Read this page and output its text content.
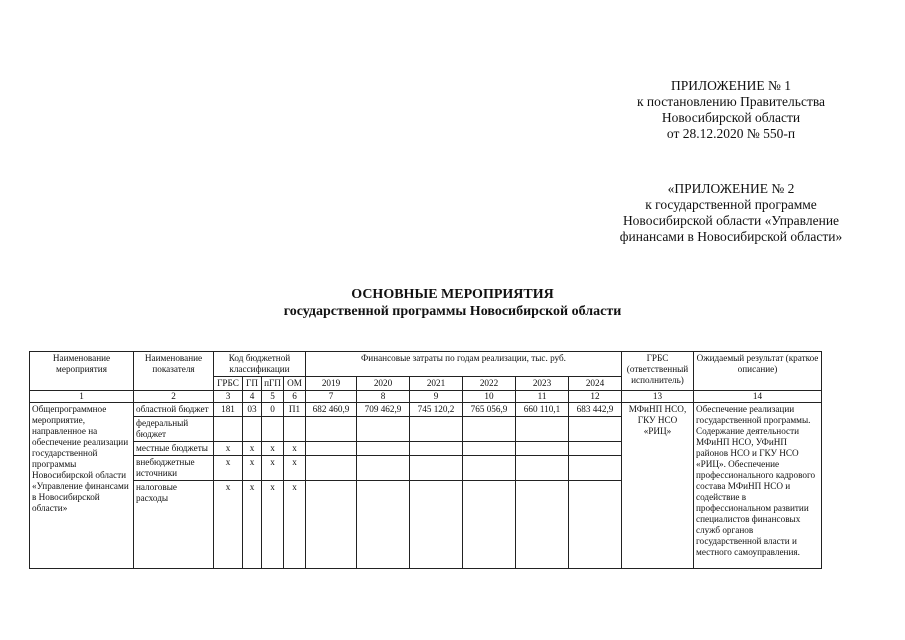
ПРИЛОЖЕНИЕ № 1
к постановлению Правительства
Новосибирской области
от 28.12.2020 № 550-п
«ПРИЛОЖЕНИЕ № 2
к государственной программе
Новосибирской области «Управление
финансами в Новосибирской области»
ОСНОВНЫЕ МЕРОПРИЯТИЯ
государственной программы Новосибирской области
Наименование мероприятия	Наименование показателя	Код бюджетной классификации				Финансовые затраты по годам реализации, тыс. руб.						ГРБС (ответственный исполнитель)	Ожидаемый результат (краткое описание)
		ГРБС	ГП	пГП	ОМ	2019	2020	2021	2022	2023	2024		
1	2	3	4	5	6	7	8	9	10	11	12	13	14
Общепрограммное мероприятие, направленное на обеспечение реализации государственной программы Новосибирской области «Управление финансами в Новосибирской области»	областной бюджет	181	03	0	П1	682 460,9	709 462,9	745 120,2	765 056,9	660 110,1	683 442,9	МФиНП НСО, ГКУ НСО «РИЦ»	Обеспечение реализации государственной программы. Содержание деятельности МФиНП НСО, УФиНП районов НСО и ГКУ НСО «РИЦ». Обеспечение профессионального кадрового состава МФиНП НСО и содействие в профессиональном развитии специалистов финансовых служб органов государственной власти и местного самоуправления.
	федеральный бюджет												
	местные бюджеты	x	x	x	x								
	внебюджетные источники	x	x	x	x								
	налоговые расходы	x	x	x	x								
